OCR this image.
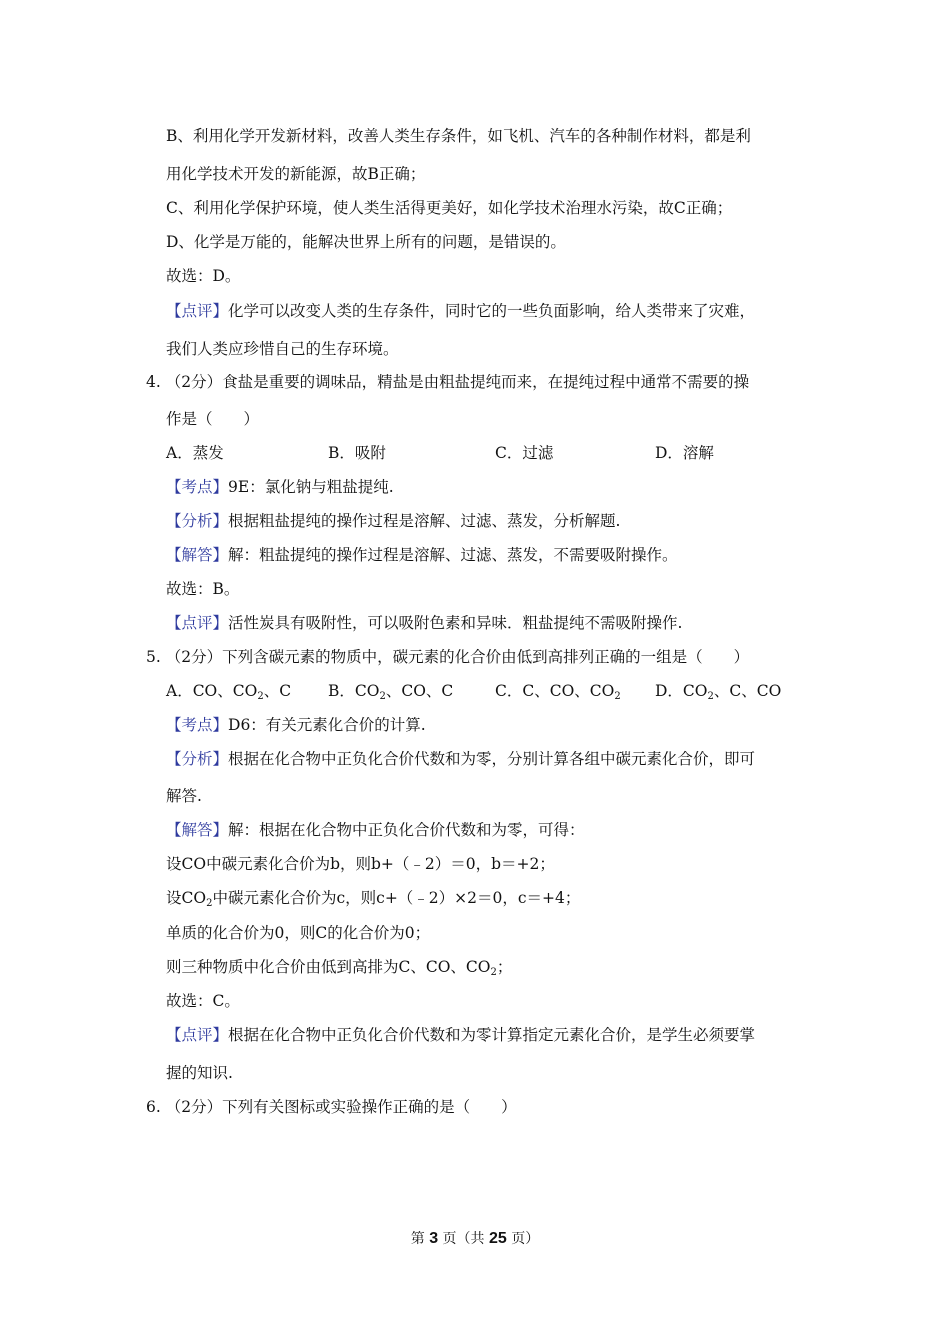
B、利用化学开发新材料，改善人类生存条件，如飞机、汽车的各种制作材料，都是利
用化学技术开发的新能源，故B正确；
C、利用化学保护环境，使人类生活得更美好，如化学技术治理水污染，故C正确；
D、化学是万能的，能解决世界上所有的问题，是错误的。
故选：D。
【点评】化学可以改变人类的生存条件，同时它的一些负面影响，给人类带来了灾难，
我们人类应珍惜自己的生存环境。
4. （2分）食盐是重要的调味品，精盐是由粗盐提纯而来，在提纯过程中通常不需要的操
作是（　　）
A．蒸发	B．吸附	C．过滤	D．溶解
【考点】9E：氯化钠与粗盐提纯.
【分析】根据粗盐提纯的操作过程是溶解、过滤、蒸发，分析解题.
【解答】解：粗盐提纯的操作过程是溶解、过滤、蒸发，不需要吸附操作。
故选：B。
【点评】活性炭具有吸附性，可以吸附色素和异味．粗盐提纯不需吸附操作.
5. （2分）下列含碳元素的物质中，碳元素的化合价由低到高排列正确的一组是（　　）
A．CO、$CO_2$、C B．$CO_2$、CO、C	C．C、CO、$CO_2$ D．$CO_2$、C、CO
【考点】D6：有关元素化合价的计算.
【分析】根据在化合物中正负化合价代数和为零，分别计算各组中碳元素化合价，即可
解答.
【解答】解：根据在化合物中正负化合价代数和为零，可得：
设CO中碳元素化合价为b，则b+（﹣2）＝0，b＝+2；
设$CO_2$中碳元素化合价为c，则c+（﹣2）×2＝0，c＝+4；
单质的化合价为0，则C的化合价为0；
则三种物质中化合价由低到高排为C、CO、$CO_2$；
故选：C。
【点评】根据在化合物中正负化合价代数和为零计算指定元素化合价，是学生必须要掌
握的知识.
6. （2分）下列有关图标或实验操作正确的是（　　）
第 3 页（共 25 页）
